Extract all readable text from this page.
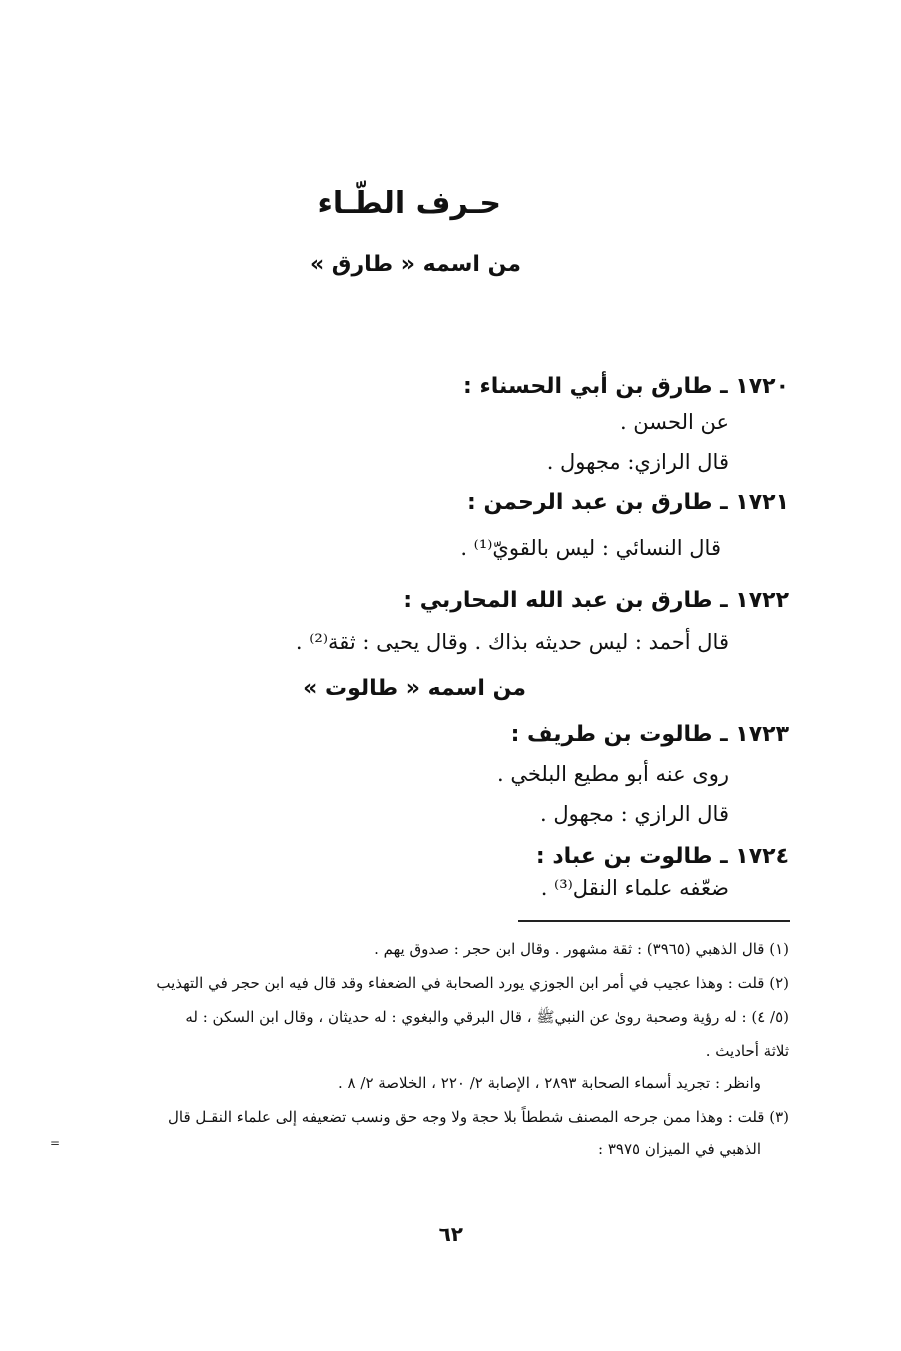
حـرف الطّـاء
من اسمه « طارق »
١٧٢٠ ـ طارق بن أبي الحسناء :
عن الحسن .
قال الرازي: مجهول .
١٧٢١ ـ طارق بن عبد الرحمن :
قال النسائي : ليس بالقويّ⁽¹⁾ .
١٧٢٢ ـ طارق بن عبد الله المحاربي :
قال أحمد : ليس حديثه بذاك . وقال يحيى : ثقة⁽²⁾ .
من اسمه « طالوت »
١٧٢٣ ـ طالوت بن طريف :
روى عنه أبو مطيع البلخي .
قال الرازي : مجهول .
١٧٢٤ ـ طالوت بن عباد :
ضعّفه علماء النقل⁽³⁾ .
(١) قال الذهبي (٣٩٦٥) : ثقة مشهور . وقال ابن حجر : صدوق يهم .
(٢) قلت : وهذا عجيب في أمر ابن الجوزي يورد الصحابة في الضعفاء وقد قال فيه ابن حجر في التهذيب
(٥/ ٤) : له رؤية وصحبة روىٰ عن النبيﷺ ، قال البرقي والبغوي : له حديثان ، وقال ابن السكن : له
ثلاثة أحاديث .
وانظر : تجريد أسماء الصحابة ٢٨٩٣ ، الإصابة ٢/ ٢٢٠ ، الخلاصة ٢/ ٨ .
(٣) قلت : وهذا ممن جرحه المصنف شططاً بلا حجة ولا وجه حق ونسب تضعيفه إلى علماء النقـل قال
الذهبي في الميزان ٣٩٧٥ :
=
٦٢
